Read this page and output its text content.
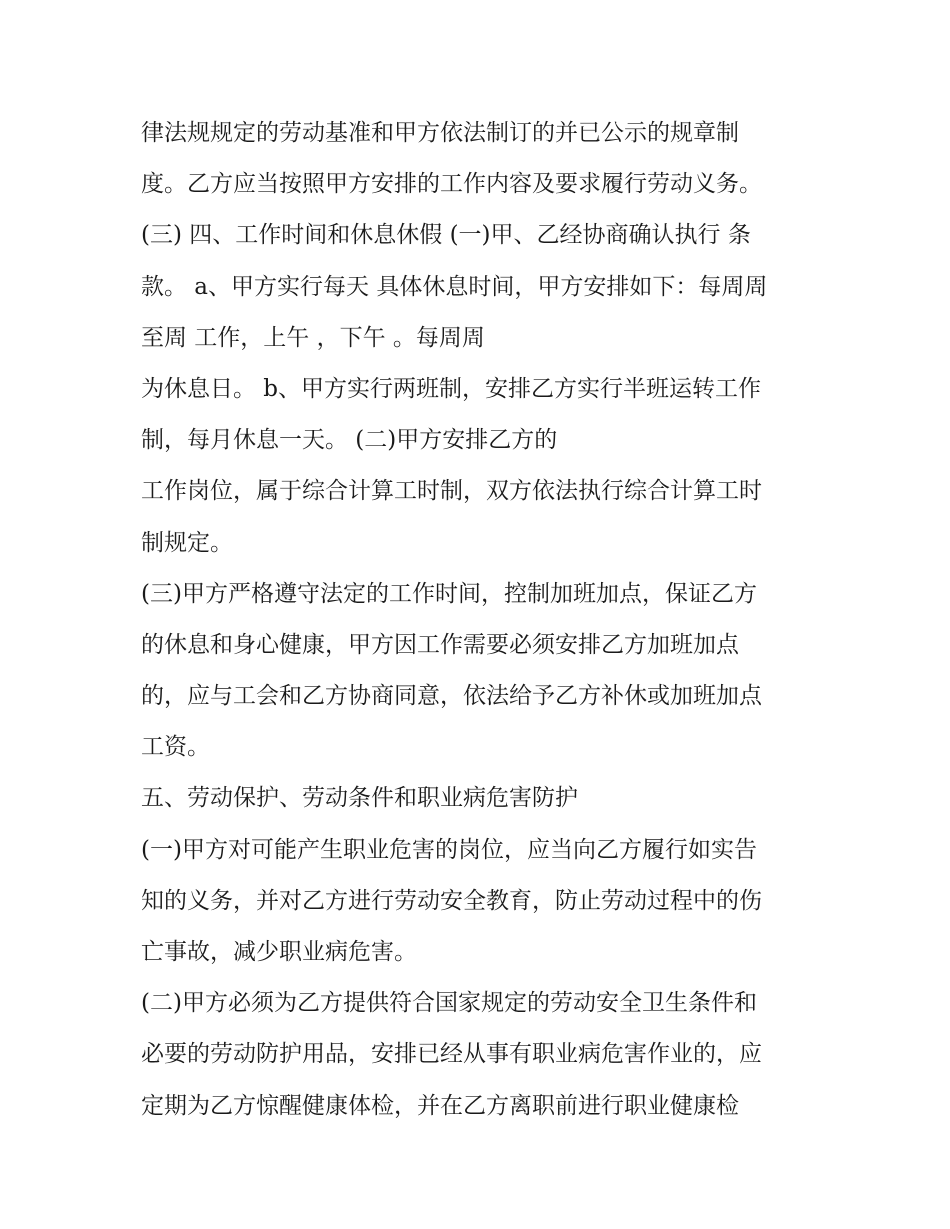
律法规规定的劳动基准和甲方依法制订的并已公示的规章制
度。乙方应当按照甲方安排的工作内容及要求履行劳动义务。
(三) 四、工作时间和休息休假 (一)甲、乙经协商确认执行 条
款。 a、甲方实行每天 具体休息时间，甲方安排如下：每周周
至周 工作，上午 ，下午 。每周周
为休息日。 b、甲方实行两班制，安排乙方实行半班运转工作
制，每月休息一天。 (二)甲方安排乙方的
工作岗位，属于综合计算工时制，双方依法执行综合计算工时
制规定。
(三)甲方严格遵守法定的工作时间，控制加班加点，保证乙方
的休息和身心健康，甲方因工作需要必须安排乙方加班加点
的，应与工会和乙方协商同意，依法给予乙方补休或加班加点
工资。
五、劳动保护、劳动条件和职业病危害防护
(一)甲方对可能产生职业危害的岗位，应当向乙方履行如实告
知的义务，并对乙方进行劳动安全教育，防止劳动过程中的伤
亡事故，减少职业病危害。
(二)甲方必须为乙方提供符合国家规定的劳动安全卫生条件和
必要的劳动防护用品，安排已经从事有职业病危害作业的，应
定期为乙方惊醒健康体检，并在乙方离职前进行职业健康检
